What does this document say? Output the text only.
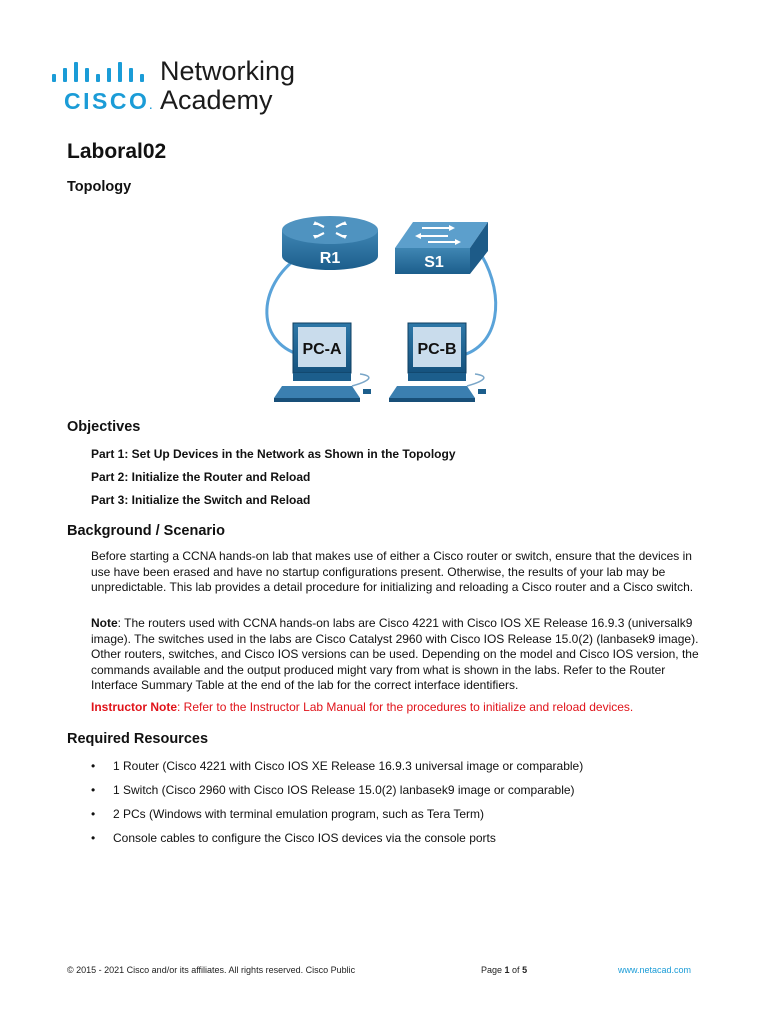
CISCO.
Networking
Academy
Laboral02
Topology
R1	S1
PC-A	PC-B
Objectives

Part 1: Set Up Devices in the Network as Shown in the Topology

Part 2: Initialize the Router and Reload

Part 3: Initialize the Switch and Reload

Background / Scenario

Before starting a CCNA hands-on lab that makes use of either a Cisco router or switch, ensure that the devices in use have been erased and have no startup configurations present. Otherwise, the results of your lab may be unpredictable. This lab provides a detail procedure for initializing and reloading a Cisco router and a Cisco switch.

Note: The routers used with CCNA hands-on labs are Cisco 4221 with Cisco IOS XE Release 16.9.3 (universalk9 image). The switches used in the labs are Cisco Catalyst 2960 with Cisco IOS Release 15.0(2) (lanbasek9 image). Other routers, switches, and Cisco IOS versions can be used. Depending on the model and Cisco IOS version, the commands available and the output produced might vary from what is shown in the labs. Refer to the Router Interface Summary Table at the end of the lab for the correct interface identifiers.

Instructor Note: Refer to the Instructor Lab Manual for the procedures to initialize and reload devices.

Required Resources
• 1 Router (Cisco 4221 with Cisco IOS XE Release 16.9.3 universal image or comparable)
• 1 Switch (Cisco 2960 with Cisco IOS Release 15.0(2) lanbasek9 image or comparable)
• 2 PCs (Windows with terminal emulation program, such as Tera Term)
• Console cables to configure the Cisco IOS devices via the console ports
© 2015 - 2021 Cisco and/or its affiliates. All rights reserved. Cisco Public	Page 1 of 5	www.netacad.com
